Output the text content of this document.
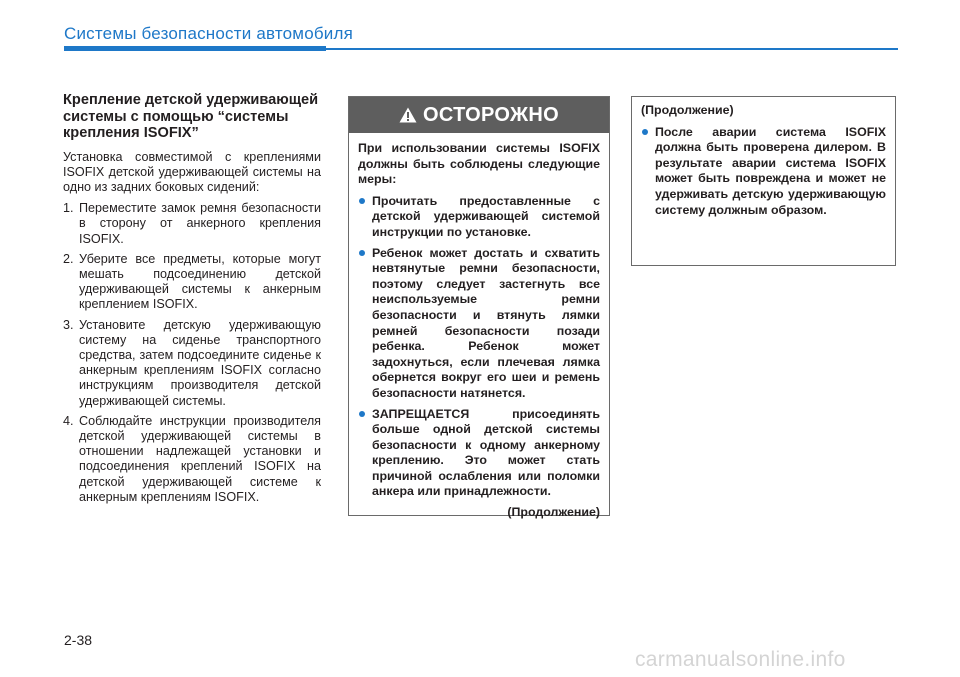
Системы безопасности автомобиля
Крепление детской удерживающей системы с помощью “системы крепления ISOFIX”

Установка совместимой с креплениями ISOFIX детской удерживающей системы на одно из задних боковых сидений:

1. Переместите замок ремня безопасности в сторону от анкерного крепления ISOFIX.
2. Уберите все предметы, которые могут мешать подсоединению детской удерживающей системы к анкерным креплением ISOFIX.
3. Установите детскую удерживающую систему на сиденье транспортного средства, затем подсоедините сиденье к анкерным креплениям ISOFIX согласно инструкциям производителя детской удерживающей системы.
4. Соблюдайте инструкции производителя детской удерживающей системы в отношении надлежащей установки и подсоединения креплений ISOFIX на детской удерживающей системе к анкерным креплениям ISOFIX.
ОСТОРОЖНО

При использовании системы ISOFIX должны быть соблюдены следующие меры:

Прочитать предоставленные с детской удерживающей системой инструкции по установке.
Ребенок может достать и схватить невтянутые ремни безопасности, поэтому следует застегнуть все неиспользуемые ремни безопасности и втянуть лямки ремней безопасности позади ребенка. Ребенок может задохнуться, если плечевая лямка обернется вокруг его шеи и ремень безопасности натянется.
ЗАПРЕЩАЕТСЯ присоединять больше одной детской системы безопасности к одному анкерному креплению. Это может стать причиной ослабления или поломки анкера или принадлежности.
(Продолжение)

(Продолжение)

После аварии система ISOFIX должна быть проверена дилером. В результате аварии система ISOFIX может быть повреждена и может не удерживать детскую удерживающую систему должным образом.
2-38
carmanualsonline.info
